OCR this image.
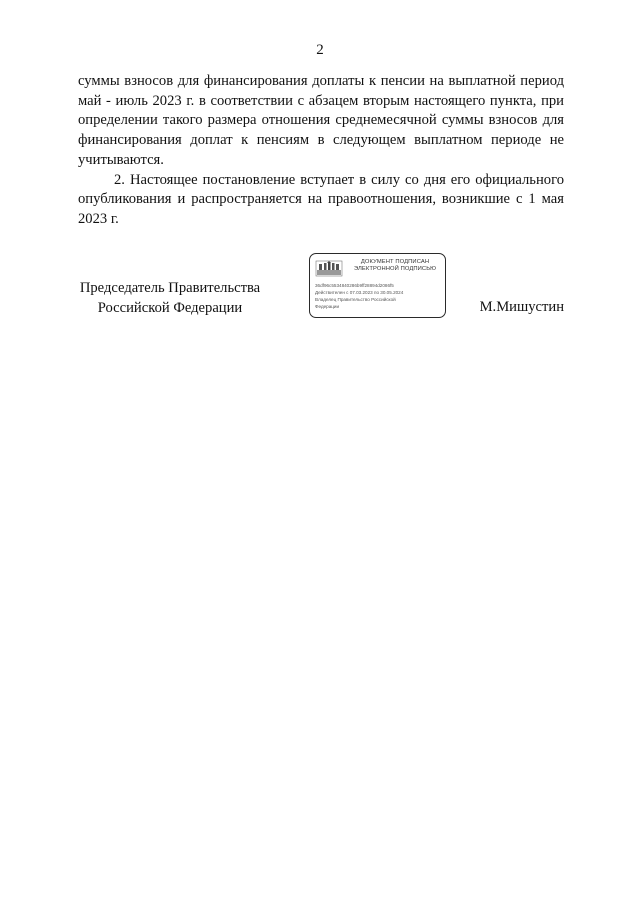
2

суммы взносов для финансирования доплаты к пенсии на выплатной период май - июль 2023 г. в соответствии с абзацем вторым настоящего пункта, при определении такого размера отношения среднемесячной суммы взносов для финансирования доплат к пенсиям в следующем выплатном периоде не учитываются.

2. Настоящее постановление вступает в силу со дня его официального опубликования и распространяется на правоотношения, возникшие с 1 мая 2023 г.

Председатель Правительства
Российской Федерации
ДОКУМЕНТ ПОДПИСАН
ЭЛЕКТРОННОЙ ПОДПИСЬЮ
36df96c5534840286b9ff28894d2086f5
Действителен с 07.03.2023 по 30.05.2024
Владелец Правительство Российской
Федерации	М.Мишустин
